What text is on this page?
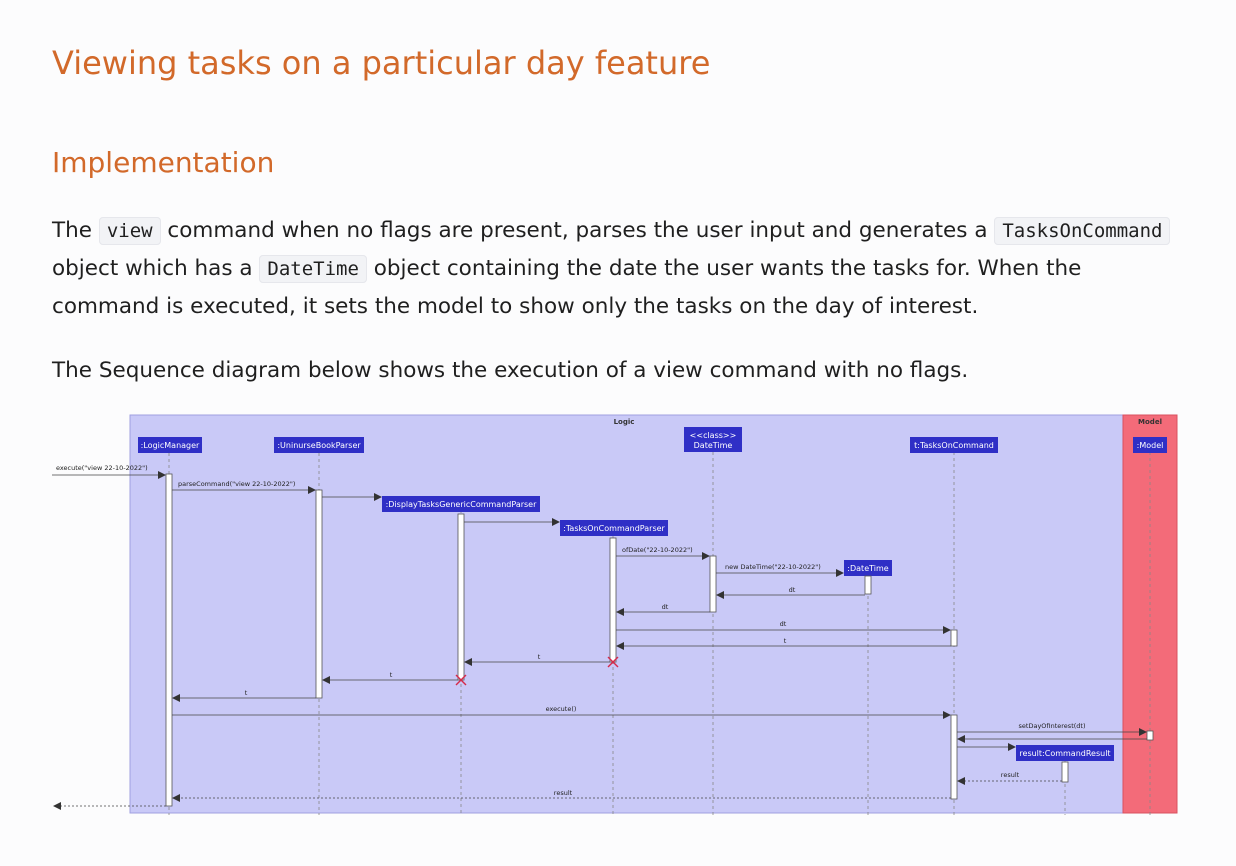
Viewing tasks on a particular day feature
Implementation

The view command when no flags are present, parses the user input and generates a TasksOnCommand object which has a DateTime object containing the date the user wants the tasks for. When the command is executed, it sets the model to show only the tasks on the day of interest.

The Sequence diagram below shows the execution of a view command with no flags.

Logic	Model
:LogicManager	:UninurseBookParser
:DisplayTasksGenericCommandParser
:TasksOnCommandParser
<<class>>
DateTime
:DateTime
t:TasksOnCommand	:Model
result:CommandResult
execute("view 22-10-2022")
parseCommand("view 22-10-2022")
ofDate("22-10-2022")
new DateTime("22-10-2022")
dt
dt
dt
t
t
t
t
execute()
setDayOfInterest(dt)
result
result
